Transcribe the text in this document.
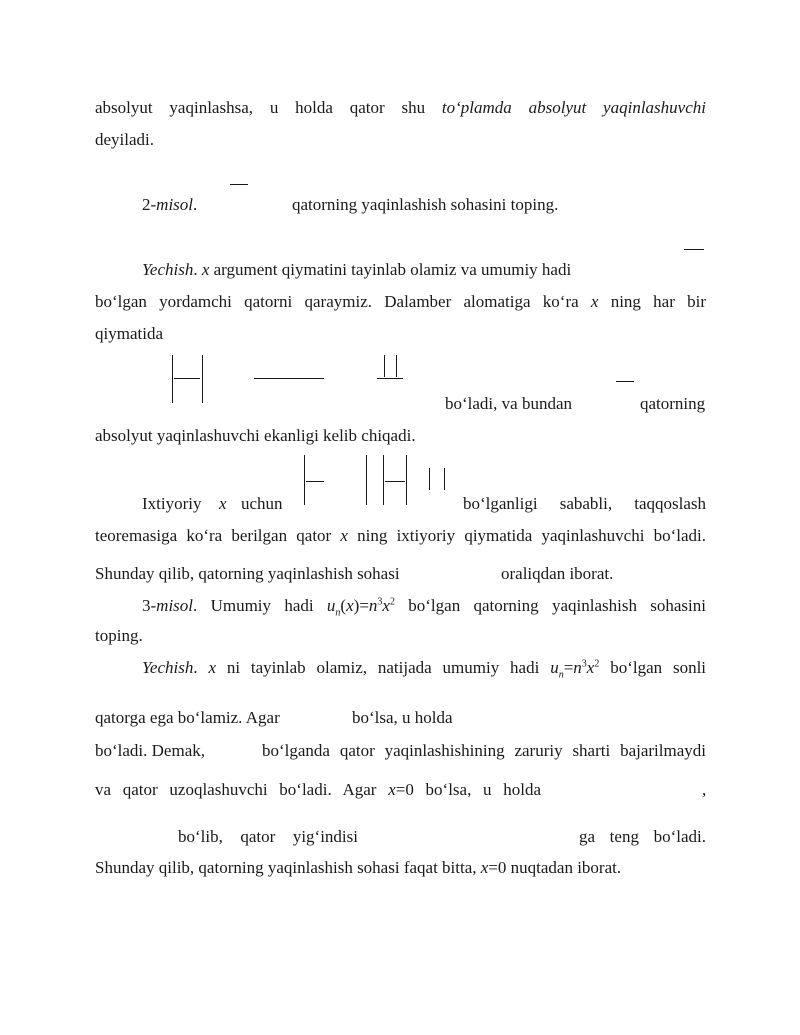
absolyut yaqinlashsa, u holda qator shu to‘plamda absolyut yaqinlashuvchi
deyiladi.
2-misol.	qatorning yaqinlashish sohasini toping.
Yechish. x argument qiymatini tayinlab olamiz va umumiy hadi
bo‘lgan yordamchi qatorni qaraymiz. Dalamber alomatiga ko‘ra x ning har bir
qiymatida
bo‘ladi, va bundan	qatorning
absolyut yaqinlashuvchi ekanligi kelib chiqadi.
Ixtiyoriy x uchun	bo‘lganligi sababli, taqqoslash
teoremasiga ko‘ra berilgan qator x ning ixtiyoriy qiymatida yaqinlashuvchi bo‘ladi.
Shunday qilib, qatorning yaqinlashish sohasi	oraliqdan iborat.
3-misol. Umumiy hadi $u_n(x)=n^3x^2$ bo‘lgan qatorning yaqinlashish sohasini
toping.
Yechish. x ni tayinlab olamiz, natijada umumiy hadi $u_n=n^3x^2$ bo‘lgan sonli
qatorga ega bo‘lamiz. Agar	bo‘lsa, u holda
bo‘ladi. Demak,	bo‘lganda qator yaqinlashishining zaruriy sharti bajarilmaydi
va qator uzoqlashuvchi bo‘ladi. Agar x=0 bo‘lsa, u holda	,
bo‘lib, qator yig‘indisi	ga teng bo‘ladi.
Shunday qilib, qatorning yaqinlashish sohasi faqat bitta, x=0 nuqtadan iborat.
